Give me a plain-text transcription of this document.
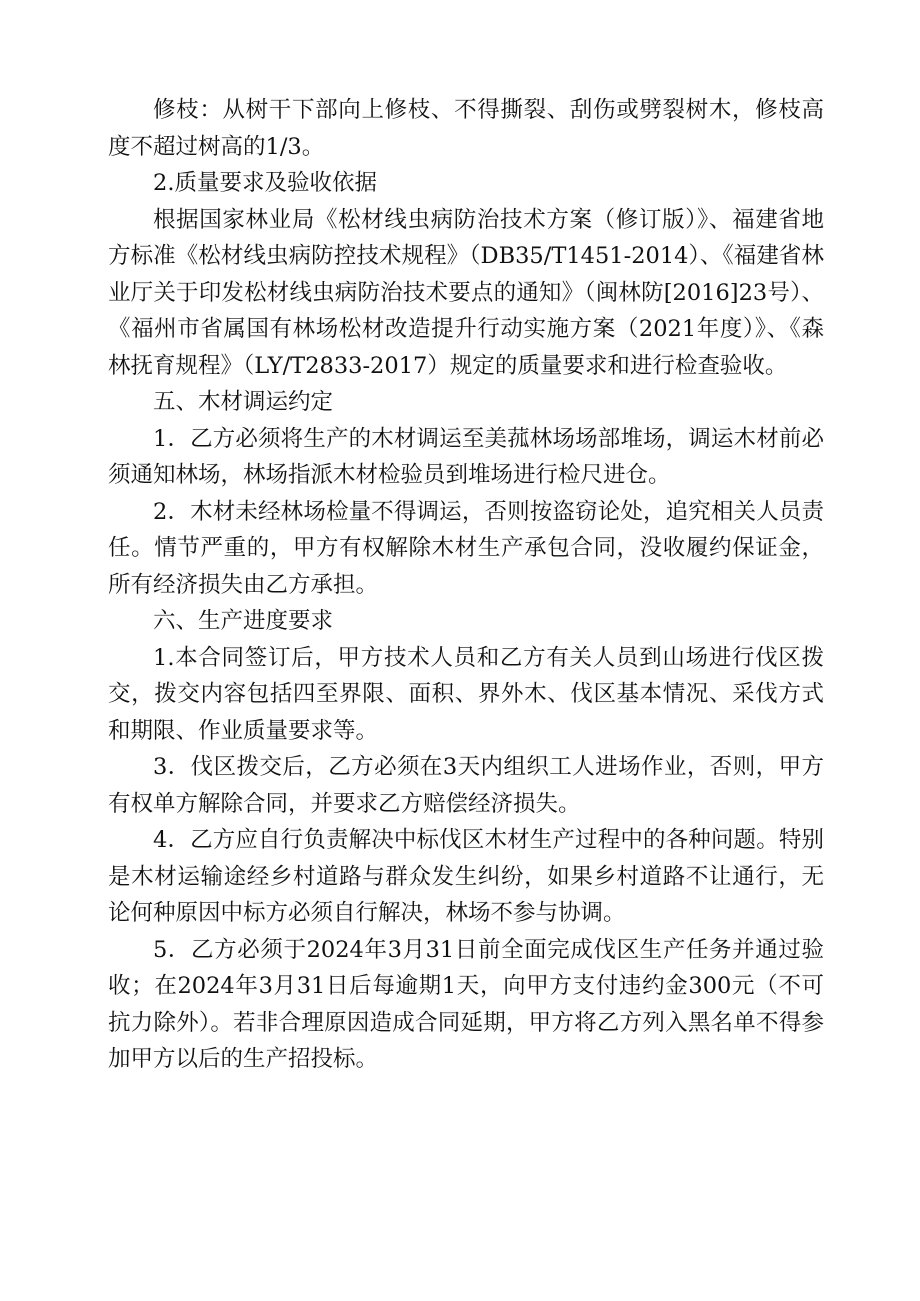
修枝：从树干下部向上修枝、不得撕裂、刮伤或劈裂树木，修枝高度不超过树高的1/3。

2.质量要求及验收依据

根据国家林业局《松材线虫病防治技术方案（修订版）》、福建省地方标准《松材线虫病防控技术规程》（DB35/T1451-2014）、《福建省林业厅关于印发松材线虫病防治技术要点的通知》（闽林防[2016]23号）、《福州市省属国有林场松材改造提升行动实施方案（2021年度）》、《森林抚育规程》（LY/T2833-2017）规定的质量要求和进行检查验收。

五、木材调运约定

1．乙方必须将生产的木材调运至美菰林场场部堆场，调运木材前必须通知林场，林场指派木材检验员到堆场进行检尺进仓。

2．木材未经林场检量不得调运，否则按盗窃论处，追究相关人员责任。情节严重的，甲方有权解除木材生产承包合同，没收履约保证金，所有经济损失由乙方承担。

六、生产进度要求

1.本合同签订后，甲方技术人员和乙方有关人员到山场进行伐区拨交，拨交内容包括四至界限、面积、界外木、伐区基本情况、采伐方式和期限、作业质量要求等。

3．伐区拨交后，乙方必须在3天内组织工人进场作业，否则，甲方有权单方解除合同，并要求乙方赔偿经济损失。

4．乙方应自行负责解决中标伐区木材生产过程中的各种问题。特别是木材运输途经乡村道路与群众发生纠纷，如果乡村道路不让通行，无论何种原因中标方必须自行解决，林场不参与协调。

5．乙方必须于2024年3月31日前全面完成伐区生产任务并通过验收；在2024年3月31日后每逾期1天，向甲方支付违约金300元（不可抗力除外）。若非合理原因造成合同延期，甲方将乙方列入黑名单不得参加甲方以后的生产招投标。
